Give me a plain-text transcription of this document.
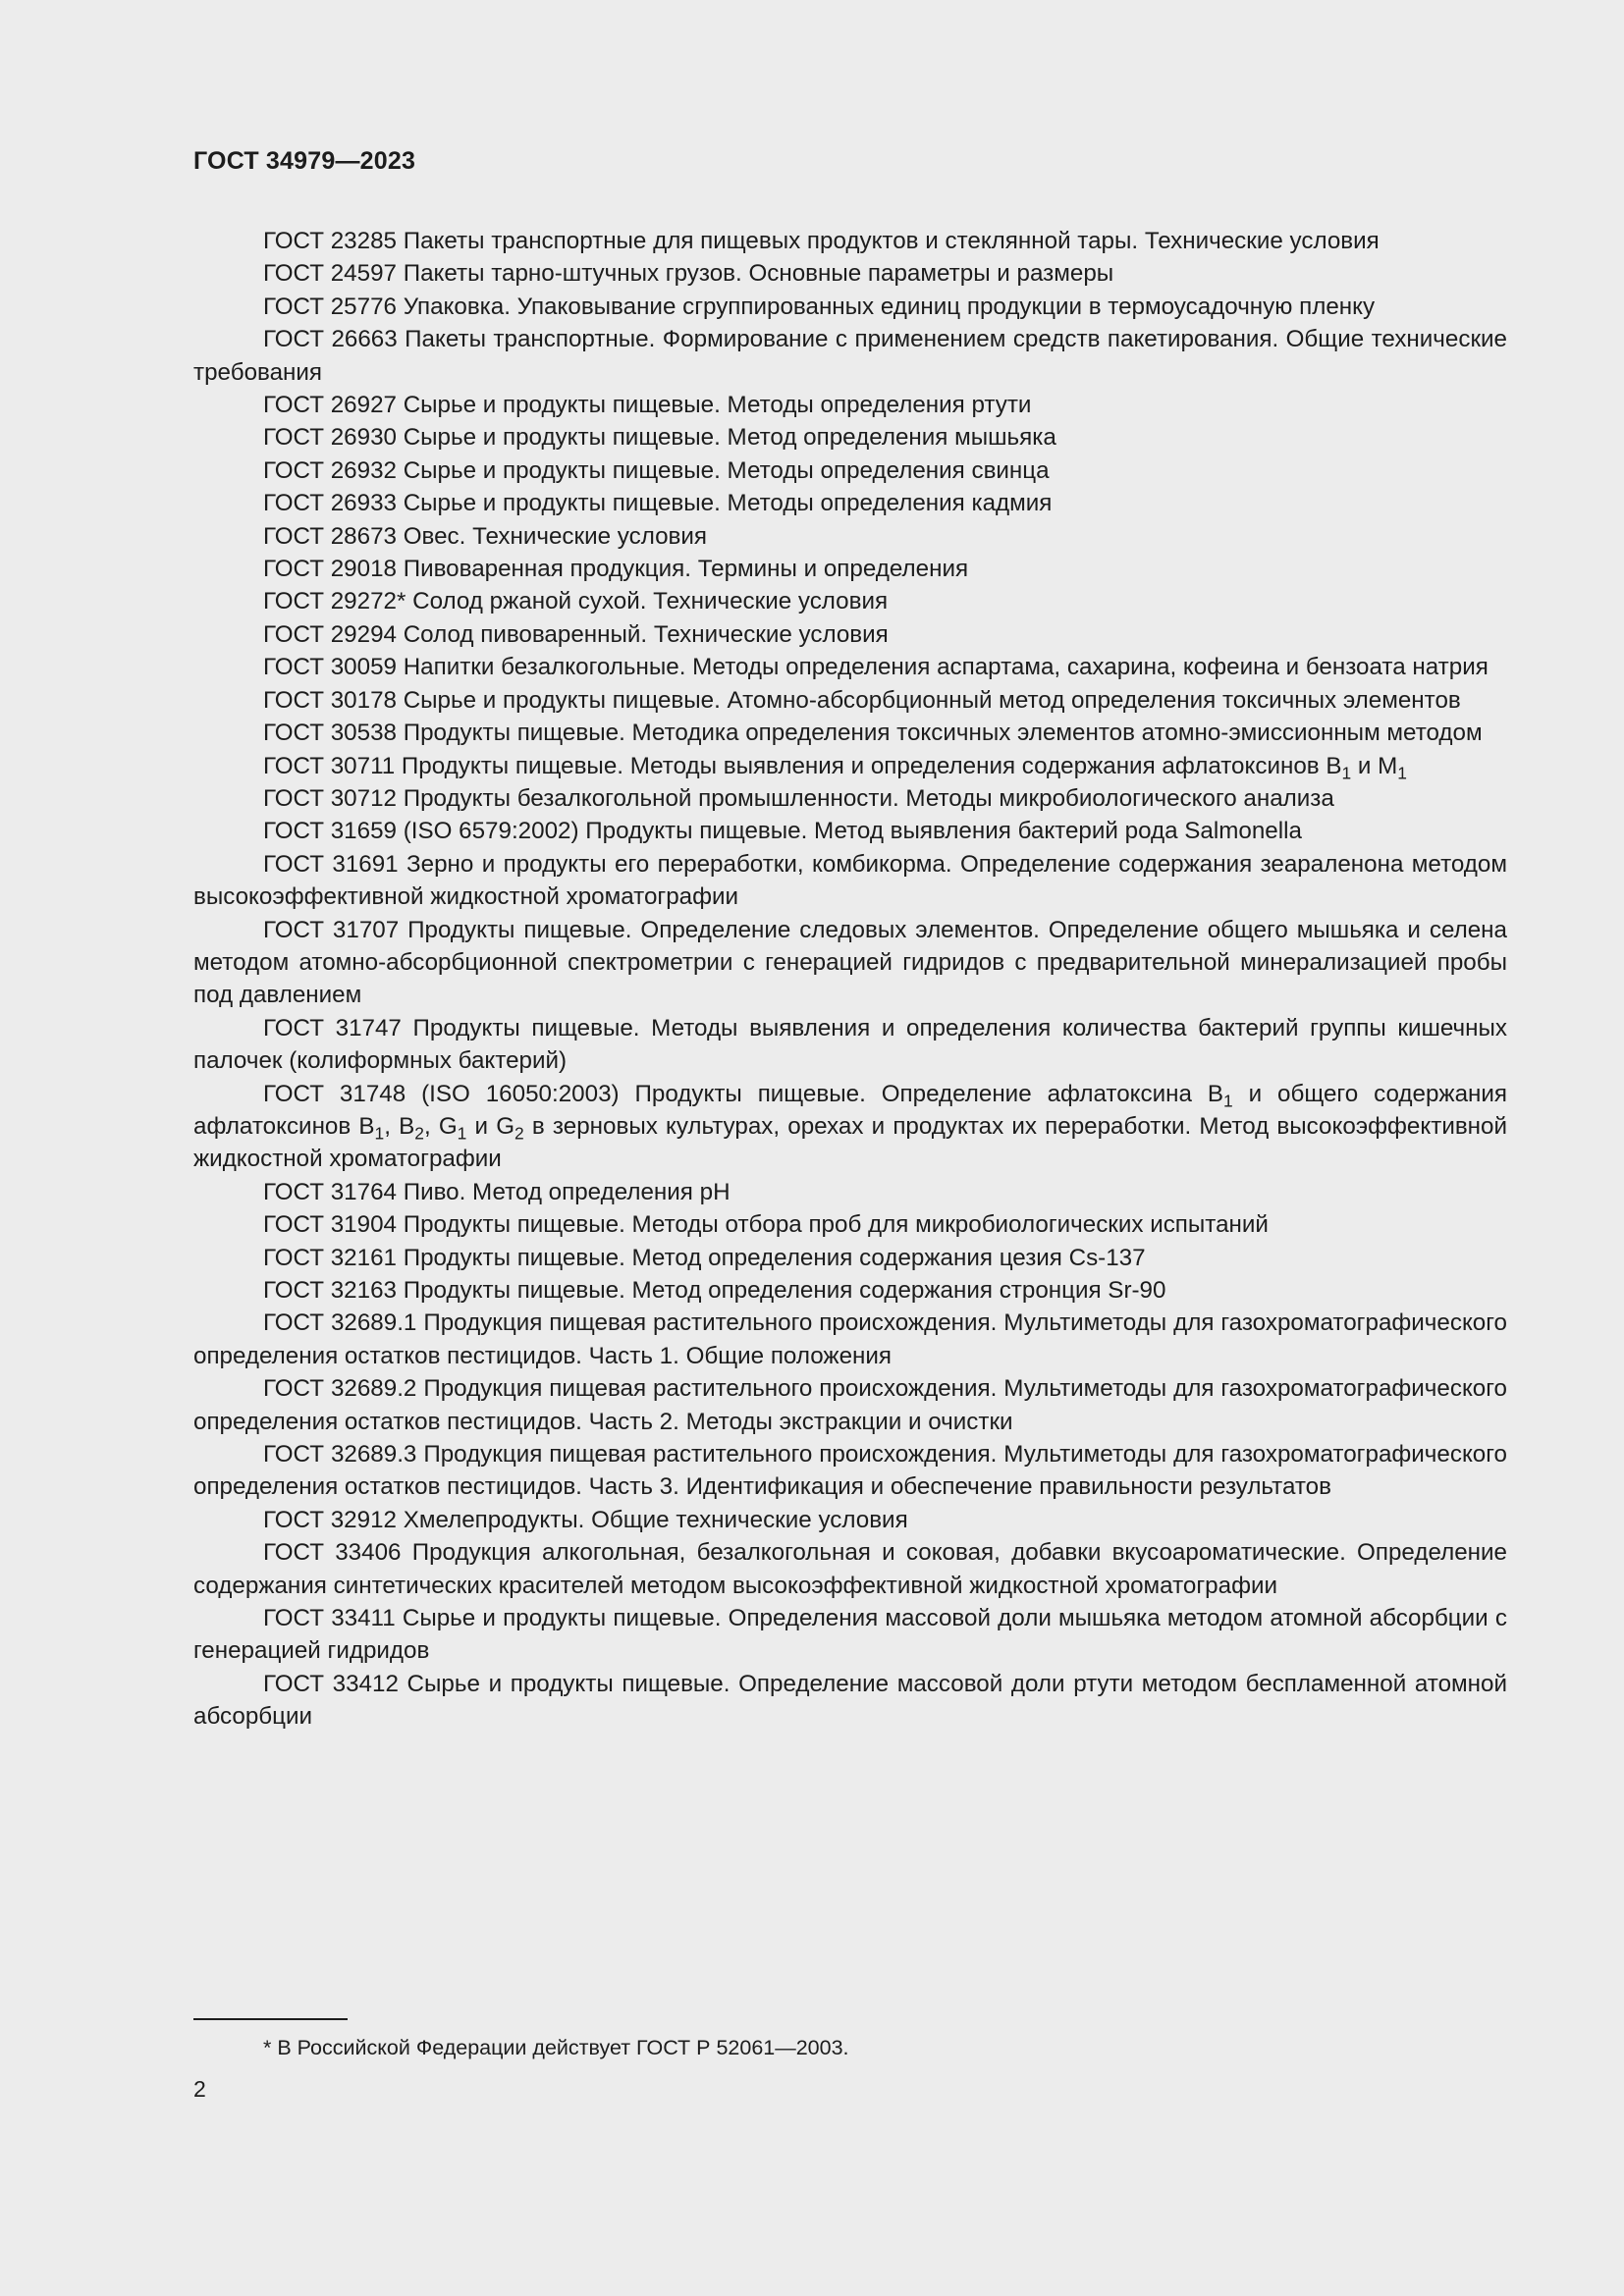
ГОСТ 34979—2023

ГОСТ 23285 Пакеты транспортные для пищевых продуктов и стеклянной тары. Технические условия

ГОСТ 24597 Пакеты тарно-штучных грузов. Основные параметры и размеры

ГОСТ 25776 Упаковка. Упаковывание сгруппированных единиц продукции в термоусадочную пленку

ГОСТ 26663 Пакеты транспортные. Формирование с применением средств пакетирования. Общие технические требования

ГОСТ 26927 Сырье и продукты пищевые. Методы определения ртути

ГОСТ 26930 Сырье и продукты пищевые. Метод определения мышьяка

ГОСТ 26932 Сырье и продукты пищевые. Методы определения свинца

ГОСТ 26933 Сырье и продукты пищевые. Методы определения кадмия

ГОСТ 28673 Овес. Технические условия

ГОСТ 29018 Пивоваренная продукция. Термины и определения

ГОСТ 29272* Солод ржаной сухой. Технические условия

ГОСТ 29294 Солод пивоваренный. Технические условия

ГОСТ 30059 Напитки безалкогольные. Методы определения аспартама, сахарина, кофеина и бензоата натрия

ГОСТ 30178 Сырье и продукты пищевые. Атомно-абсорбционный метод определения токсичных элементов

ГОСТ 30538 Продукты пищевые. Методика определения токсичных элементов атомно-эмиссионным методом

ГОСТ 30711 Продукты пищевые. Методы выявления и определения содержания афлатоксинов $B_1$ и $M_1$

ГОСТ 30712 Продукты безалкогольной промышленности. Методы микробиологического анализа

ГОСТ 31659 (ISO 6579:2002) Продукты пищевые. Метод выявления бактерий рода Salmonella

ГОСТ 31691 Зерно и продукты его переработки, комбикорма. Определение содержания зеараленона методом высокоэффективной жидкостной хроматографии

ГОСТ 31707 Продукты пищевые. Определение следовых элементов. Определение общего мышьяка и селена методом атомно-абсорбционной спектрометрии с генерацией гидридов с предварительной минерализацией пробы под давлением

ГОСТ 31747 Продукты пищевые. Методы выявления и определения количества бактерий группы кишечных палочек (колиформных бактерий)

ГОСТ 31748 (ISO 16050:2003) Продукты пищевые. Определение афлатоксина $B_1$ и общего содержания афлатоксинов $B_1$, $B_2$, $G_1$ и $G_2$ в зерновых культурах, орехах и продуктах их переработки. Метод высокоэффективной жидкостной хроматографии

ГОСТ 31764 Пиво. Метод определения pH

ГОСТ 31904 Продукты пищевые. Методы отбора проб для микробиологических испытаний

ГОСТ 32161 Продукты пищевые. Метод определения содержания цезия Cs-137

ГОСТ 32163 Продукты пищевые. Метод определения содержания стронция Sr-90

ГОСТ 32689.1 Продукция пищевая растительного происхождения. Мультиметоды для газохроматографического определения остатков пестицидов. Часть 1. Общие положения

ГОСТ 32689.2 Продукция пищевая растительного происхождения. Мультиметоды для газохроматографического определения остатков пестицидов. Часть 2. Методы экстракции и очистки

ГОСТ 32689.3 Продукция пищевая растительного происхождения. Мультиметоды для газохроматографического определения остатков пестицидов. Часть 3. Идентификация и обеспечение правильности результатов

ГОСТ 32912 Хмелепродукты. Общие технические условия

ГОСТ 33406 Продукция алкогольная, безалкогольная и соковая, добавки вкусоароматические. Определение содержания синтетических красителей методом высокоэффективной жидкостной хроматографии

ГОСТ 33411 Сырье и продукты пищевые. Определения массовой доли мышьяка методом атомной абсорбции с генерацией гидридов

ГОСТ 33412 Сырье и продукты пищевые. Определение массовой доли ртути методом беспламенной атомной абсорбции

* В Российской Федерации действует ГОСТ Р 52061—2003.
2
